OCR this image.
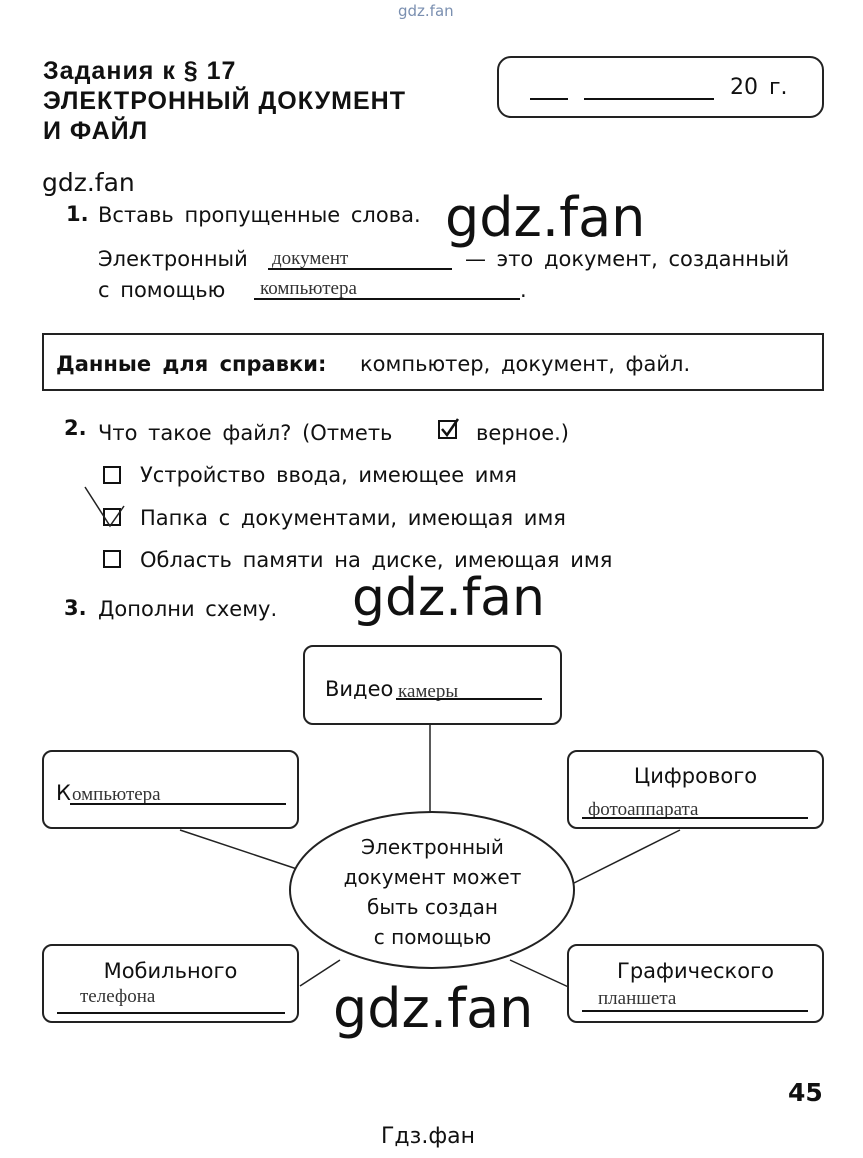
gdz.fan
Задания к § 17
ЭЛЕКТРОННЫЙ ДОКУМЕНТ
И ФАЙЛ
20 г.
gdz.fan
1. Вставь пропущенные слова. gdz.fan
Электронный документ	— это документ, созданный
с помощью компьютера	.
Данные для справки: компьютер, документ, файл.
2. Что такое файл? (Отметь	верное.)
Устройство ввода, имеющее имя
Папка с документами, имеющая имя
Область памяти на диске, имеющая имя
3. Дополни схему. gdz.fan
Электронный
документ может
быть создан
с помощью
Видео камеры
К омпьютера
Цифрового
фотоаппарата
Мобильного
телефона
Графического
планшета
gdz.fan
45
Гдз.фан
